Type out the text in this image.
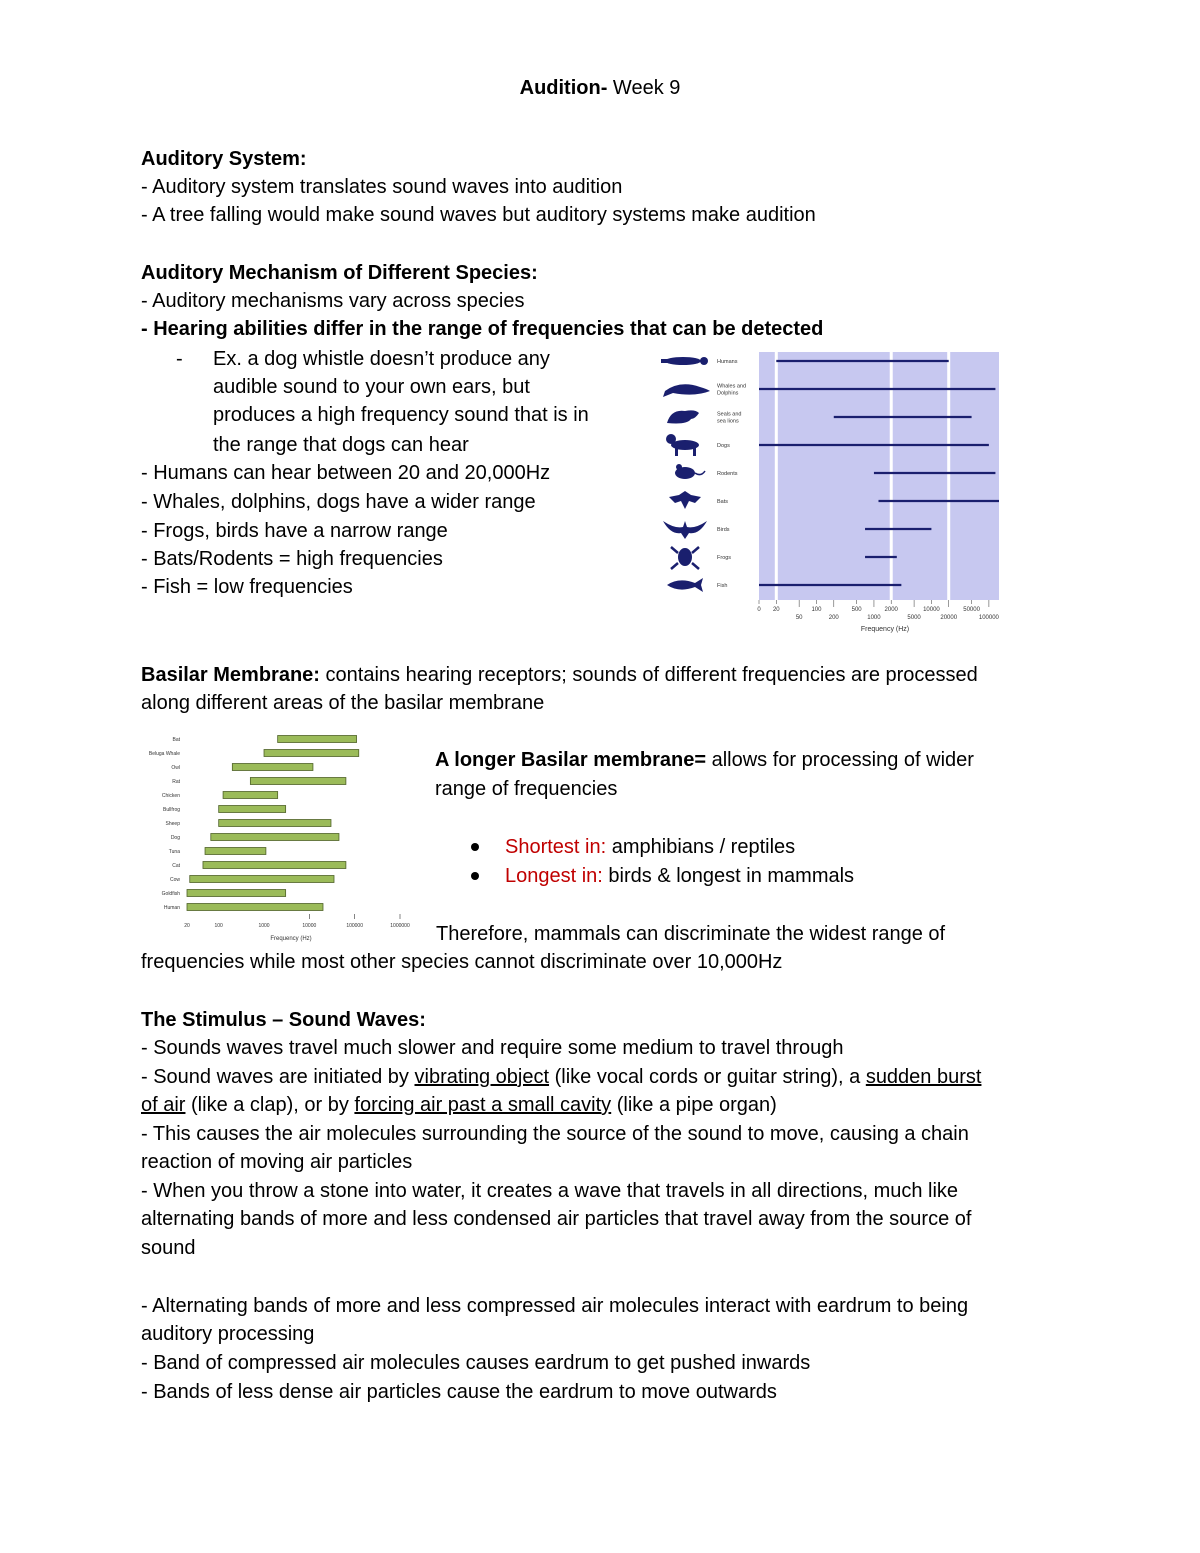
Audition- Week 9
Auditory System:
- Auditory system translates sound waves into audition
- A tree falling would make sound waves but auditory systems make audition
Auditory Mechanism of Different Species:
- Auditory mechanisms vary across species
- Hearing abilities differ in the range of frequencies that can be detected
- Ex. a dog whistle doesn’t produce any
audible sound to your own ears, but
produces a high frequency sound that is in
the range that dogs can hear
- Humans can hear between 20 and 20,000Hz
- Whales, dolphins, dogs have a wider range
- Frogs, birds have a narrow range
- Bats/Rodents = high frequencies
- Fish = low frequencies
Humans
Whales and
Dolphins
Seals and
sea lions
Dogs
Rodents
Bats
Birds
Frogs
Fish
0 20	100	500	2000	10000	50000
50	200	1000	5000	20000	100000
Frequency (Hz)
Basilar Membrane: contains hearing receptors; sounds of different frequencies are processed
along different areas of the basilar membrane
Bat
Beluga Whale
Owl
Rat
Chicken
Bullfrog
Sheep
Dog
Tuna
Cat
Cow
Goldfish
Human
20	100	1000	10000	100000	1000000
Frequency (Hz)
A longer Basilar membrane= allows for processing of wider
range of frequencies
Shortest in: amphibians / reptiles
Longest in: birds & longest in mammals
Therefore, mammals can discriminate the widest range of
frequencies while most other species cannot discriminate over 10,000Hz
The Stimulus – Sound Waves:
- Sounds waves travel much slower and require some medium to travel through
- Sound waves are initiated by vibrating object (like vocal cords or guitar string), a sudden burst
of air (like a clap), or by forcing air past a small cavity (like a pipe organ)
- This causes the air molecules surrounding the source of the sound to move, causing a chain
reaction of moving air particles
- When you throw a stone into water, it creates a wave that travels in all directions, much like
alternating bands of more and less condensed air particles that travel away from the source of
sound
- Alternating bands of more and less compressed air molecules interact with eardrum to being
auditory processing
- Band of compressed air molecules causes eardrum to get pushed inwards
- Bands of less dense air particles cause the eardrum to move outwards
